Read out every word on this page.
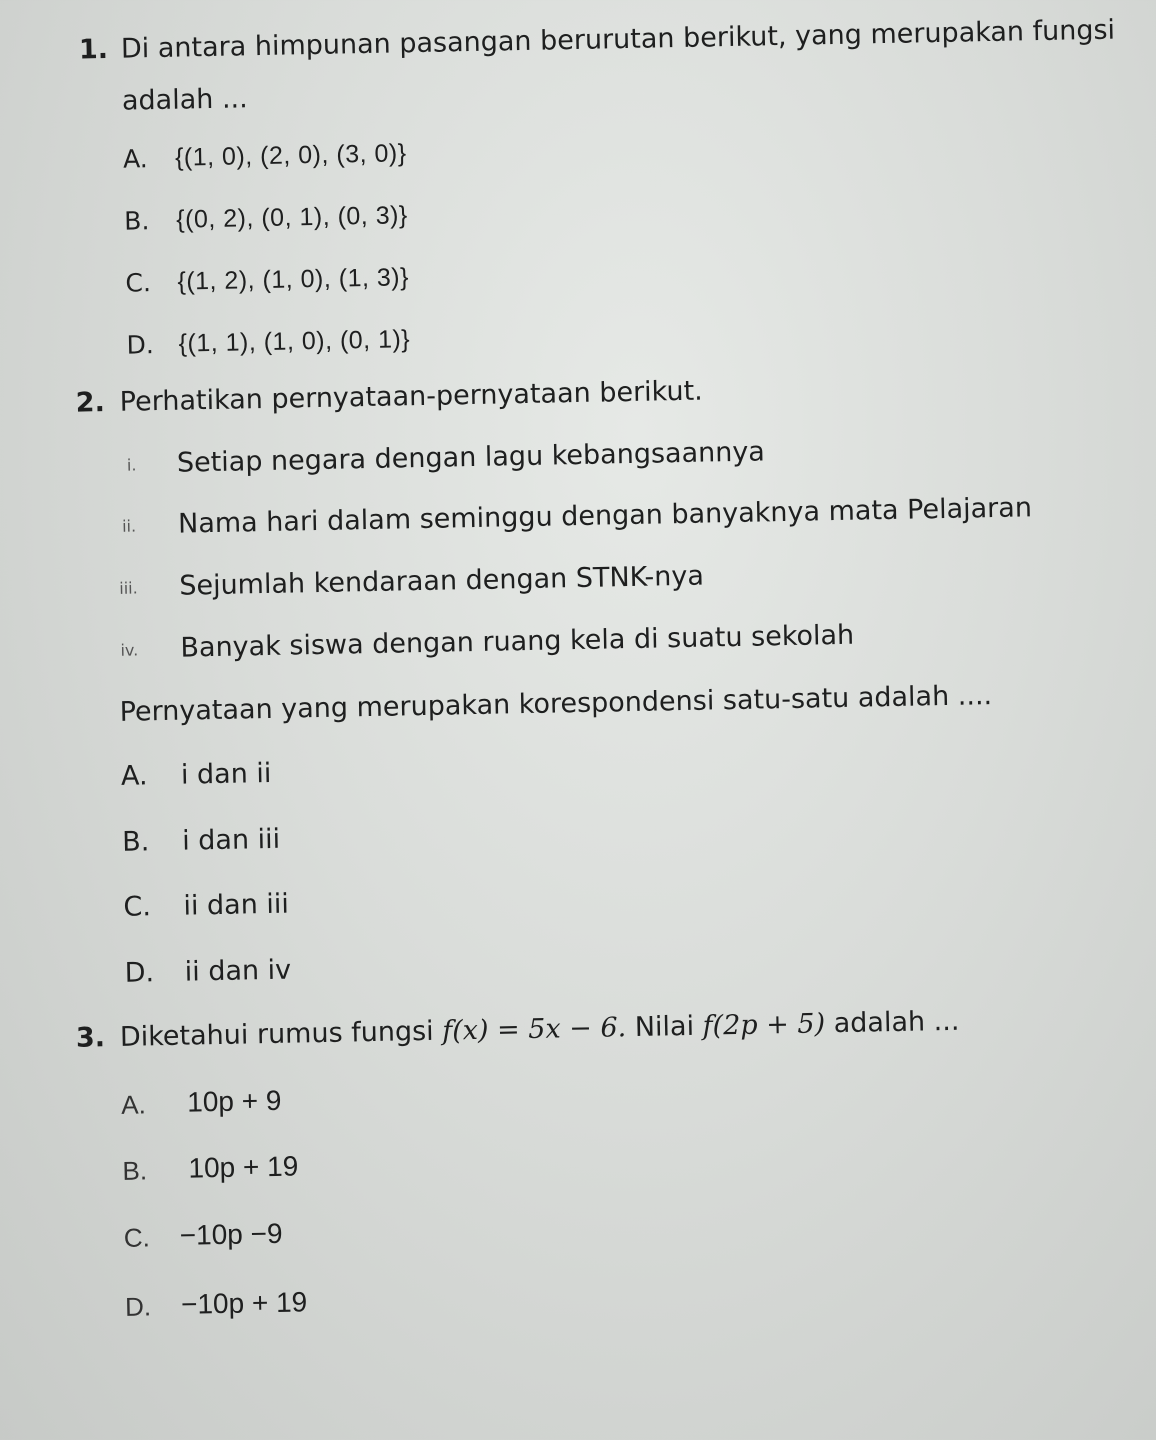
1. Di antara himpunan pasangan berurutan berikut, yang merupakan fungsi
adalah ...
A. {(1, 0), (2, 0), (3, 0)}
B. {(0, 2), (0, 1), (0, 3)}
C. {(1, 2), (1, 0), (1, 3)}
D. {(1, 1), (1, 0), (0, 1)}
2. Perhatikan pernyataan-pernyataan berikut.
i. Setiap negara dengan lagu kebangsaannya
ii. Nama hari dalam seminggu dengan banyaknya mata Pelajaran
iii. Sejumlah kendaraan dengan STNK-nya
iv. Banyak siswa dengan ruang kela di suatu sekolah
Pernyataan yang merupakan korespondensi satu-satu adalah ....
A. i dan ii
B. i dan iii
C. ii dan iii
D. ii dan iv
3. Diketahui rumus fungsi f(x) = 5x − 6. Nilai f(2p + 5) adalah ...
A. 10p + 9
B. 10p + 19
C. −10p −9
D. −10p + 19
